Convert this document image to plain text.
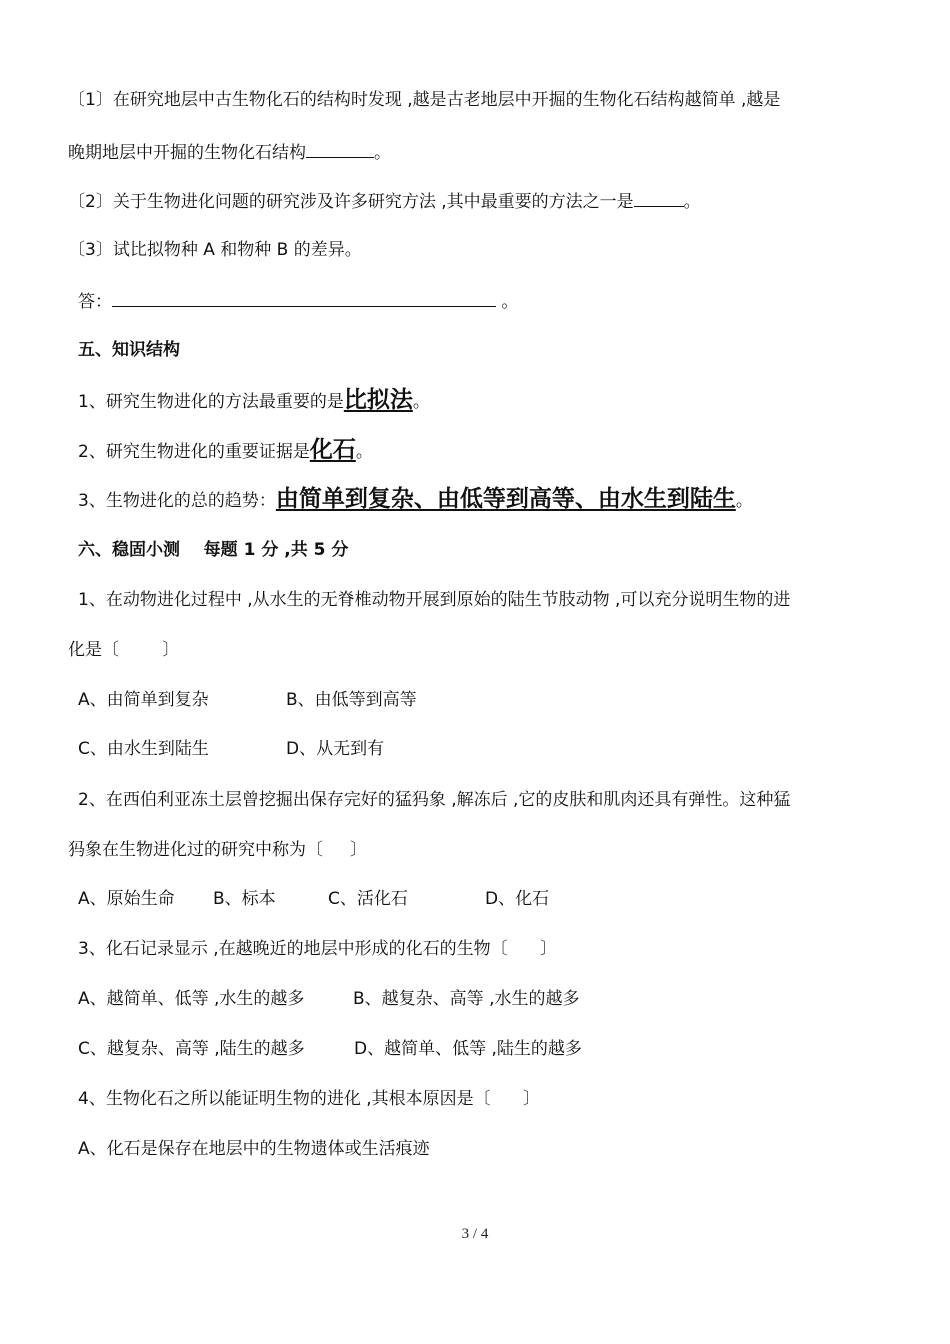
〔1〕在研究地层中古生物化石的结构时发现 ,越是古老地层中开掘的生物化石结构越简单 ,越是
晚期地层中开掘的生物化石结构	。
〔2〕关于生物进化问题的研究涉及许多研究方法 ,其中最重要的方法之一是	。
〔3〕试比拟物种 A 和物种 B 的差异。
答：	。
五、知识结构
1、研究生物进化的方法最重要的是比拟法。
2、研究生物进化的重要证据是化石。
3、生物进化的总的趋势：由简单到复杂、由低等到高等、由水生到陆生。
六、稳固小测    每题 1 分 ,共 5 分
1、在动物进化过程中 ,从水生的无脊椎动物开展到原始的陆生节肢动物 ,可以充分说明生物的进
化是〔        〕
A、由简单到复杂	B、由低等到高等
C、由水生到陆生	D、从无到有
2、在西伯利亚冻土层曾挖掘出保存完好的猛犸象 ,解冻后 ,它的皮肤和肌肉还具有弹性。这种猛
犸象在生物进化过的研究中称为〔     〕
A、原始生命 B、标本	C、活化石	D、化石
3、化石记录显示 ,在越晚近的地层中形成的化石的生物〔      〕
A、越简单、低等 ,水生的越多	B、越复杂、高等 ,水生的越多
C、越复杂、高等 ,陆生的越多	D、越简单、低等 ,陆生的越多
4、生物化石之所以能证明生物的进化 ,其根本原因是〔      〕
A、化石是保存在地层中的生物遗体或生活痕迹
3 / 4
